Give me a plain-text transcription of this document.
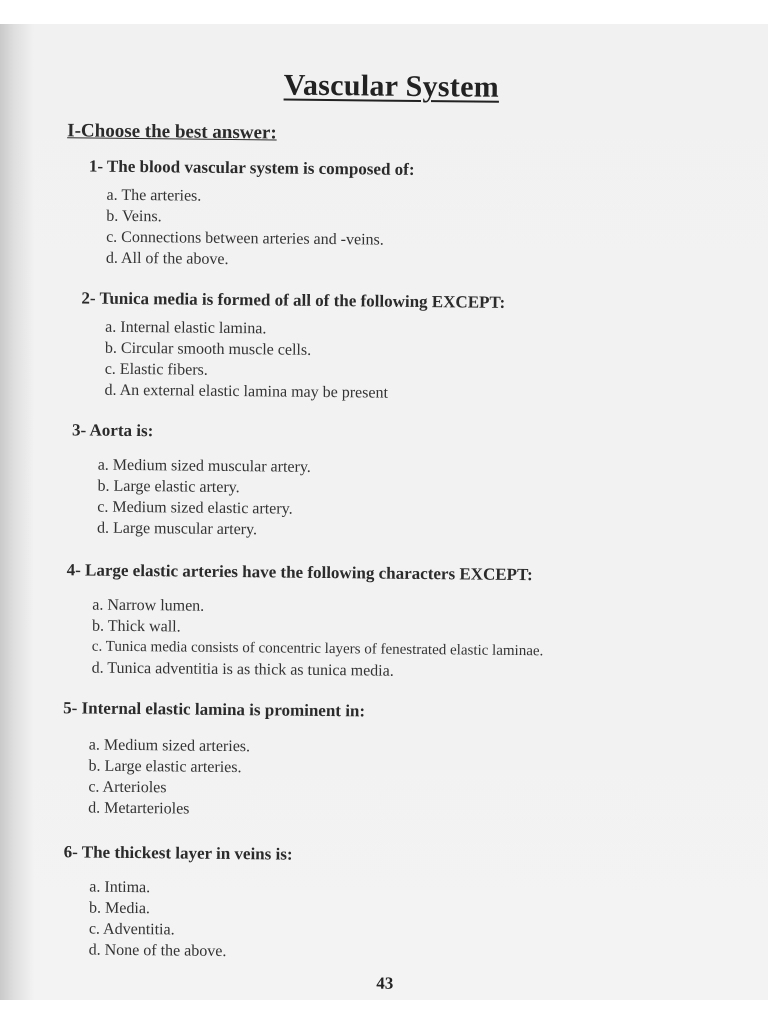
Vascular System
I-Choose the best answer:
1- The blood vascular system is composed of:
a. The arteries.
b. Veins.
c. Connections between arteries and -veins.
d. All of the above.
2- Tunica media is formed of all of the following EXCEPT:
a. Internal elastic lamina.
b. Circular smooth muscle cells.
c. Elastic fibers.
d. An external elastic lamina may be present
3- Aorta is:
a. Medium sized muscular artery.
b. Large elastic artery.
c. Medium sized elastic artery.
d. Large muscular artery.
4- Large elastic arteries have the following characters EXCEPT:
a. Narrow lumen.
b. Thick wall.
c. Tunica media consists of concentric layers of fenestrated elastic laminae.
d. Tunica adventitia is as thick as tunica media.
5- Internal elastic lamina is prominent in:
a. Medium sized arteries.
b. Large elastic arteries.
c. Arterioles
d. Metarterioles
6- The thickest layer in veins is:
a. Intima.
b. Media.
c. Adventitia.
d. None of the above.
43
